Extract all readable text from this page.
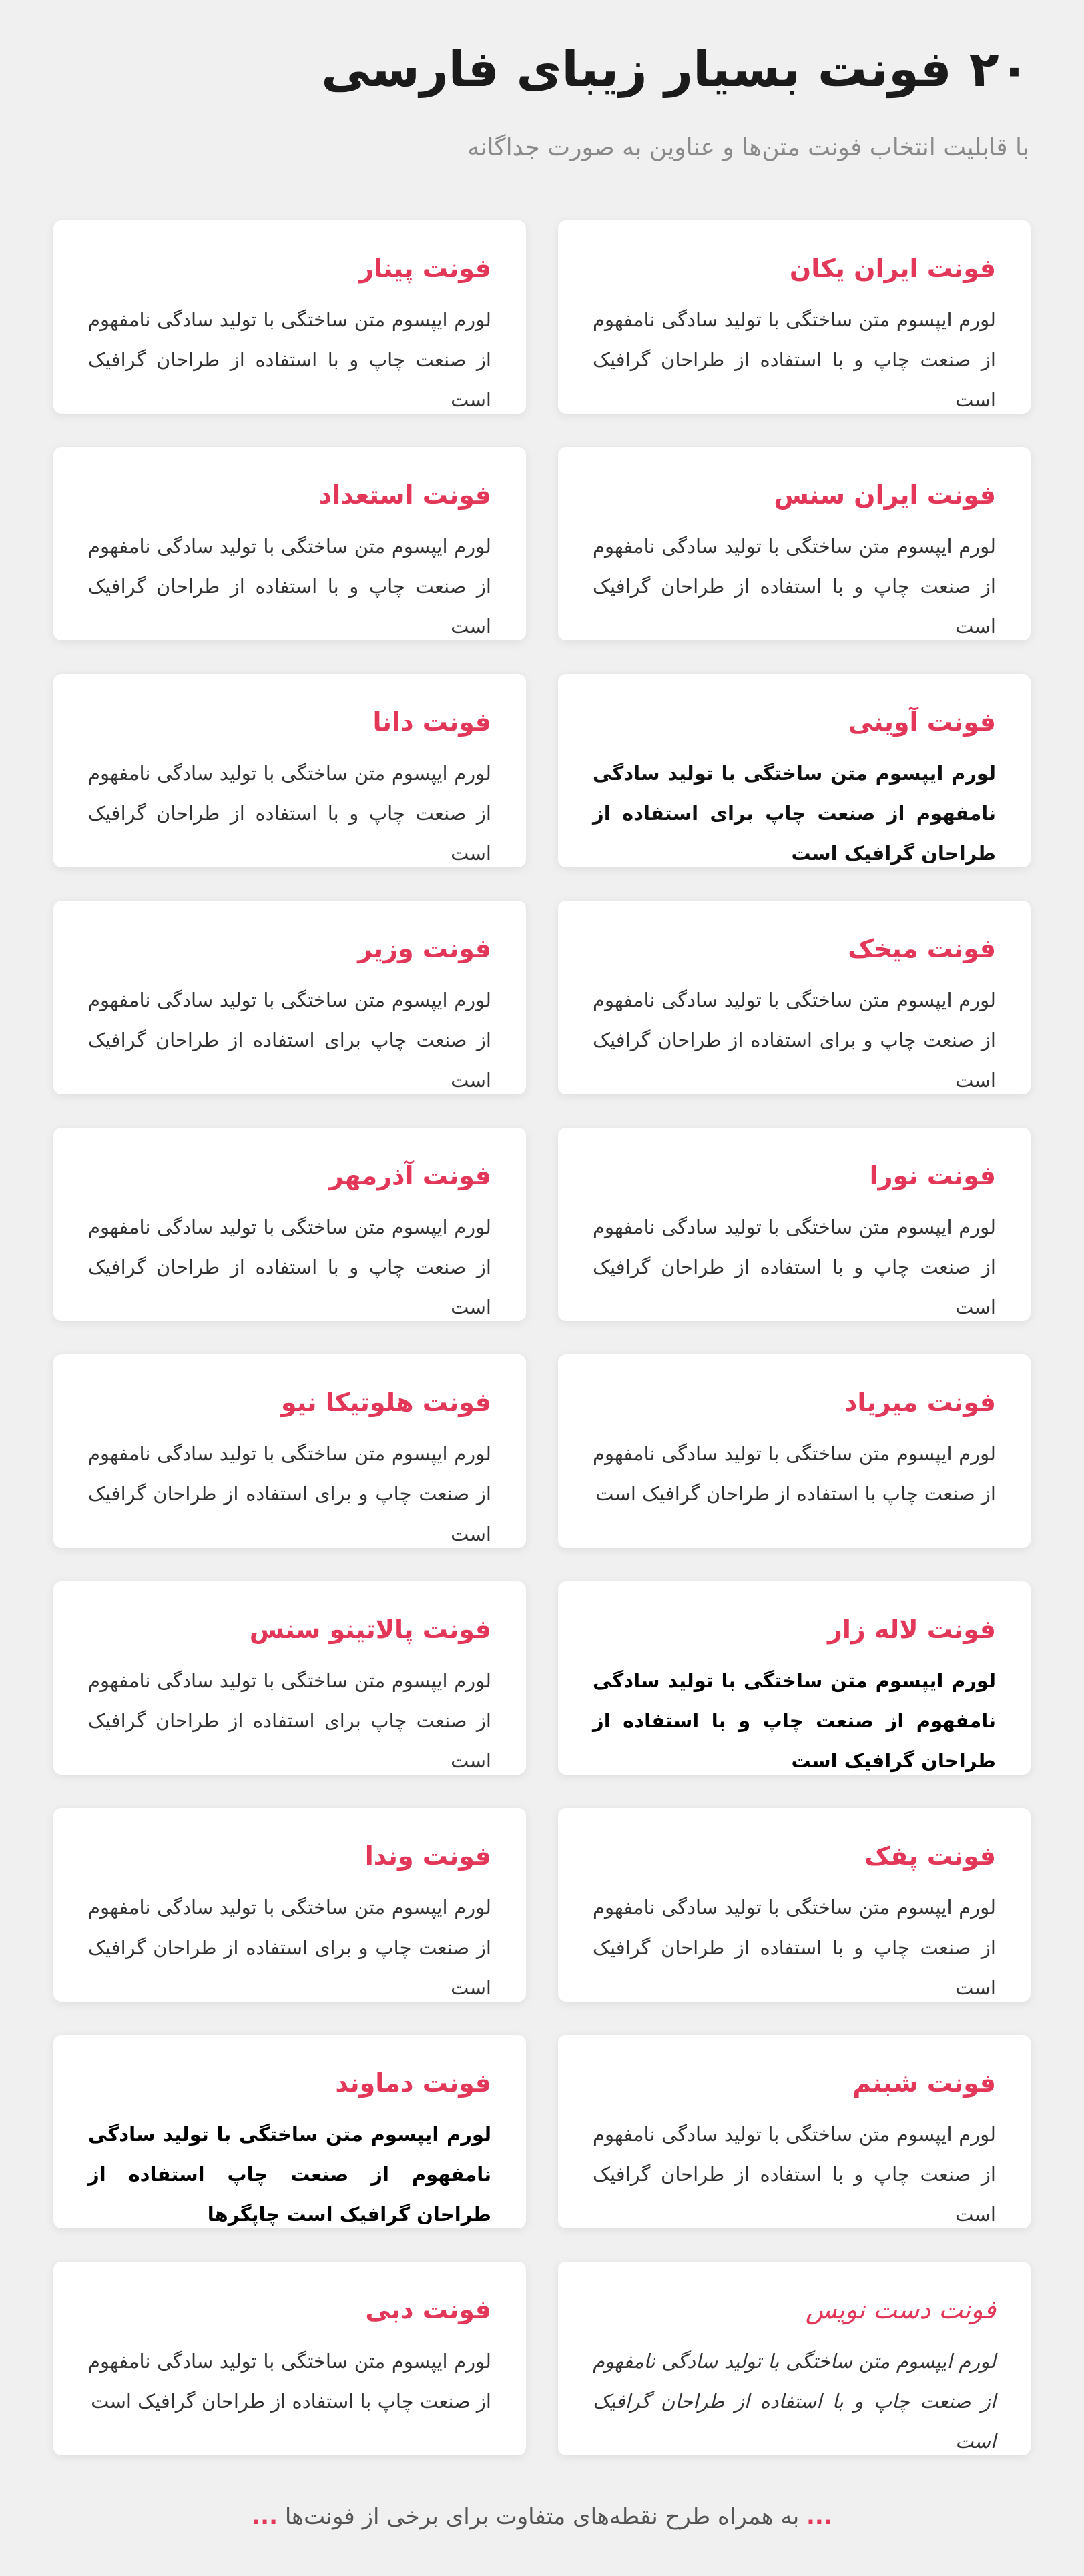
۲۰ فونت بسیار زیبای فارسی

با قابلیت انتخاب فونت متن‌ها و عناوین به صورت جداگانه

فونت ایران یکان
لورم ایپسوم متن ساختگی با تولید سادگی نامفهوم از صنعت چاپ و با استفاده از طراحان گرافیک است
فونت پینار
لورم ایپسوم متن ساختگی با تولید سادگی نامفهوم از صنعت چاپ و با استفاده از طراحان گرافیک است
فونت ایران سنس
لورم ایپسوم متن ساختگی با تولید سادگی نامفهوم از صنعت چاپ و با استفاده از طراحان گرافیک است
فونت استعداد
لورم ایپسوم متن ساختگی با تولید سادگی نامفهوم از صنعت چاپ و با استفاده از طراحان گرافیک است
فونت آوینی
لورم ایپسوم متن ساختگی با تولید سادگی نامفهوم از صنعت چاپ برای استفاده از طراحان گرافیک است
فونت دانا
لورم ایپسوم متن ساختگی با تولید سادگی نامفهوم از صنعت چاپ و با استفاده از طراحان گرافیک است
فونت میخک
لورم ایپسوم متن ساختگی با تولید سادگی نامفهوم از صنعت چاپ و برای استفاده از طراحان گرافیک است
فونت وزیر
لورم ایپسوم متن ساختگی با تولید سادگی نامفهوم از صنعت چاپ برای استفاده از طراحان گرافیک است
فونت نورا
لورم ایپسوم متن ساختگی با تولید سادگی نامفهوم از صنعت چاپ و با استفاده از طراحان گرافیک است
فونت آذرمهر
لورم ایپسوم متن ساختگی با تولید سادگی نامفهوم از صنعت چاپ و با استفاده از طراحان گرافیک است
فونت میریاد
لورم ایپسوم متن ساختگی با تولید سادگی نامفهوم از صنعت چاپ با استفاده از طراحان گرافیک است
فونت هلوتیکا نیو
لورم ایپسوم متن ساختگی با تولید سادگی نامفهوم از صنعت چاپ و برای استفاده از طراحان گرافیک است
فونت لاله زار
لورم ایپسوم متن ساختگی با تولید سادگی نامفهوم از صنعت چاپ و با استفاده از طراحان گرافیک است
فونت پالاتینو سنس
لورم ایپسوم متن ساختگی با تولید سادگی نامفهوم از صنعت چاپ برای استفاده از طراحان گرافیک است
فونت پفک
لورم ایپسوم متن ساختگی با تولید سادگی نامفهوم از صنعت چاپ و با استفاده از طراحان گرافیک است
فونت وندا
لورم ایپسوم متن ساختگی با تولید سادگی نامفهوم از صنعت چاپ و برای استفاده از طراحان گرافیک است
فونت شبنم
لورم ایپسوم متن ساختگی با تولید سادگی نامفهوم از صنعت چاپ و با استفاده از طراحان گرافیک است
فونت دماوند
لورم ایپسوم متن ساختگی با تولید سادگی نامفهوم از صنعت چاپ استفاده از طراحان گرافیک است چاپگرها
فونت دست نویس
لورم ایپسوم متن ساختگی با تولید سادگی نامفهوم از صنعت چاپ و با استفاده از طراحان گرافیک است
فونت دبی
لورم ایپسوم متن ساختگی با تولید سادگی نامفهوم از صنعت چاپ با استفاده از طراحان گرافیک است
... به همراه طرح نقطه‌های متفاوت برای برخی از فونت‌ها ...
